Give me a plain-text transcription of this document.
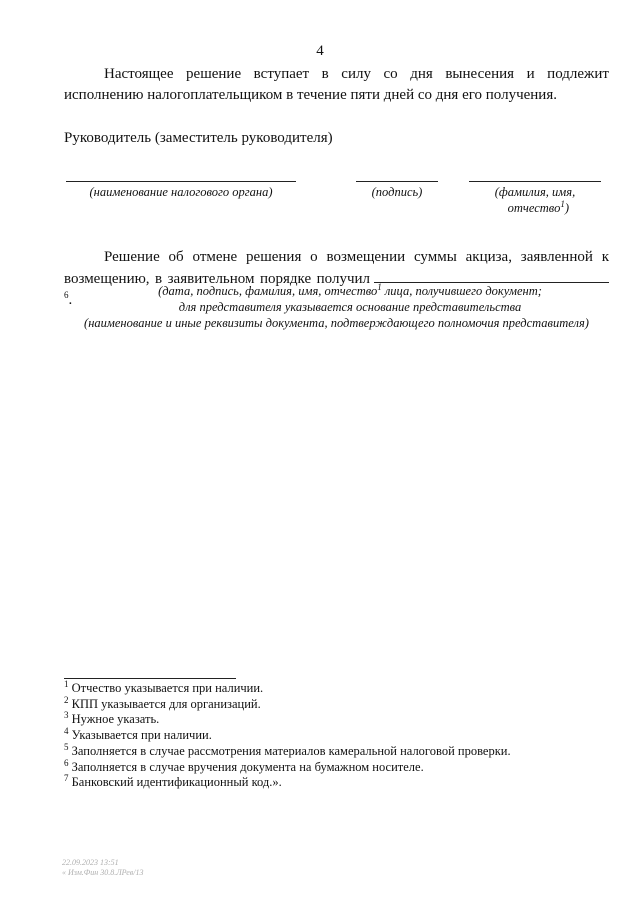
4
Настоящее решение вступает в силу со дня вынесения и подлежит
исполнению налогоплательщиком в течение пяти дней со дня его получения.
Руководитель (заместитель руководителя)
(наименование налогового органа)	(подпись)	(фамилия, имя,
отчество$^1$)
Решение об отмене решения о возмещении суммы акциза, заявленной к
возмещению, в заявительном порядке получил$^6$.
(дата, подпись, фамилия, имя, отчество$^1$ лица, получившего документ;
для представителя указывается основание представительства
(наименование и иные реквизиты документа, подтверждающего полномочия представителя)
$^1$ Отчество указывается при наличии.
$^2$ КПП указывается для организаций.
$^3$ Нужное указать.
$^4$ Указывается при наличии.
$^5$ Заполняется в случае рассмотрения материалов камеральной налоговой проверки.
$^6$ Заполняется в случае вручения документа на бумажном носителе.
$^7$ Банковский идентификационный код.».
22.09.2023 13:51
« Изм.Фин 30.8.ЛРев/13
